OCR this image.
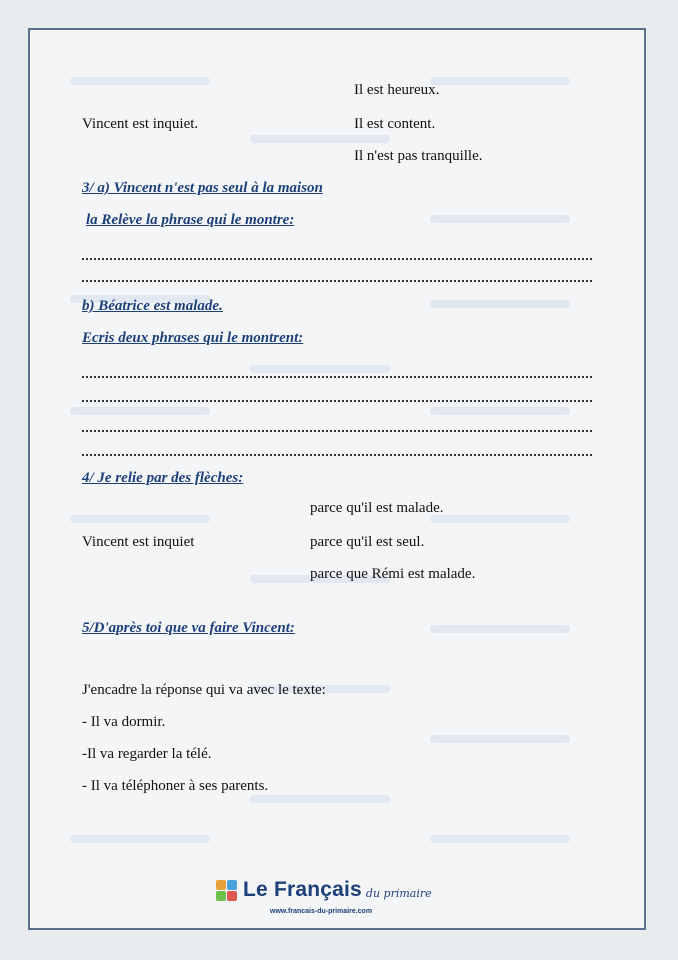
Il est heureux.
Vincent est inquiet.	Il est content.
Il n'est pas tranquille.
3/ a) Vincent n'est pas seul à la maison
la Relève la phrase qui le montre:
b) Béatrice est malade.
Ecris deux phrases qui le montrent:
4/ Je relie par des flèches:
parce qu'il est malade.
Vincent est inquiet	parce qu'il est seul.
parce que Rémi est malade.
5/D'après toi que va faire Vincent:
J'encadre la réponse qui va avec le texte:
- Il va dormir.
-Il va regarder la télé.
- Il va téléphoner à ses parents.
Le Français du primaire
www.francais-du-primaire.com
